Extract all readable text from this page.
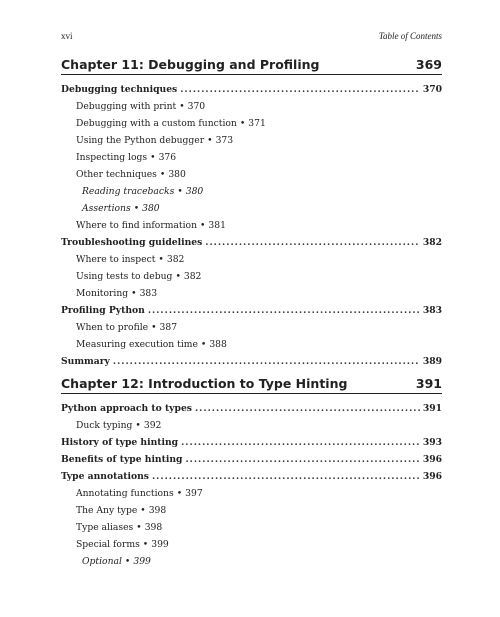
xvi	Table of Contents
Chapter 11: Debugging and Profiling	369
Debugging techniques .....	370
Debugging with print • 370
Debugging with a custom function • 371
Using the Python debugger • 373
Inspecting logs • 376
Other techniques • 380
Reading tracebacks • 380
Assertions • 380
Where to find information • 381
Troubleshooting guidelines .....	382
Where to inspect • 382
Using tests to debug • 382
Monitoring • 383
Profiling Python .....	383
When to profile • 387
Measuring execution time • 388
Summary .....	389
Chapter 12: Introduction to Type Hinting	391
Python approach to types .....	391
Duck typing • 392
History of type hinting .....	393
Benefits of type hinting .....	396
Type annotations .....	396
Annotating functions • 397
The Any type • 398
Type aliases • 398
Special forms • 399
Optional • 399
